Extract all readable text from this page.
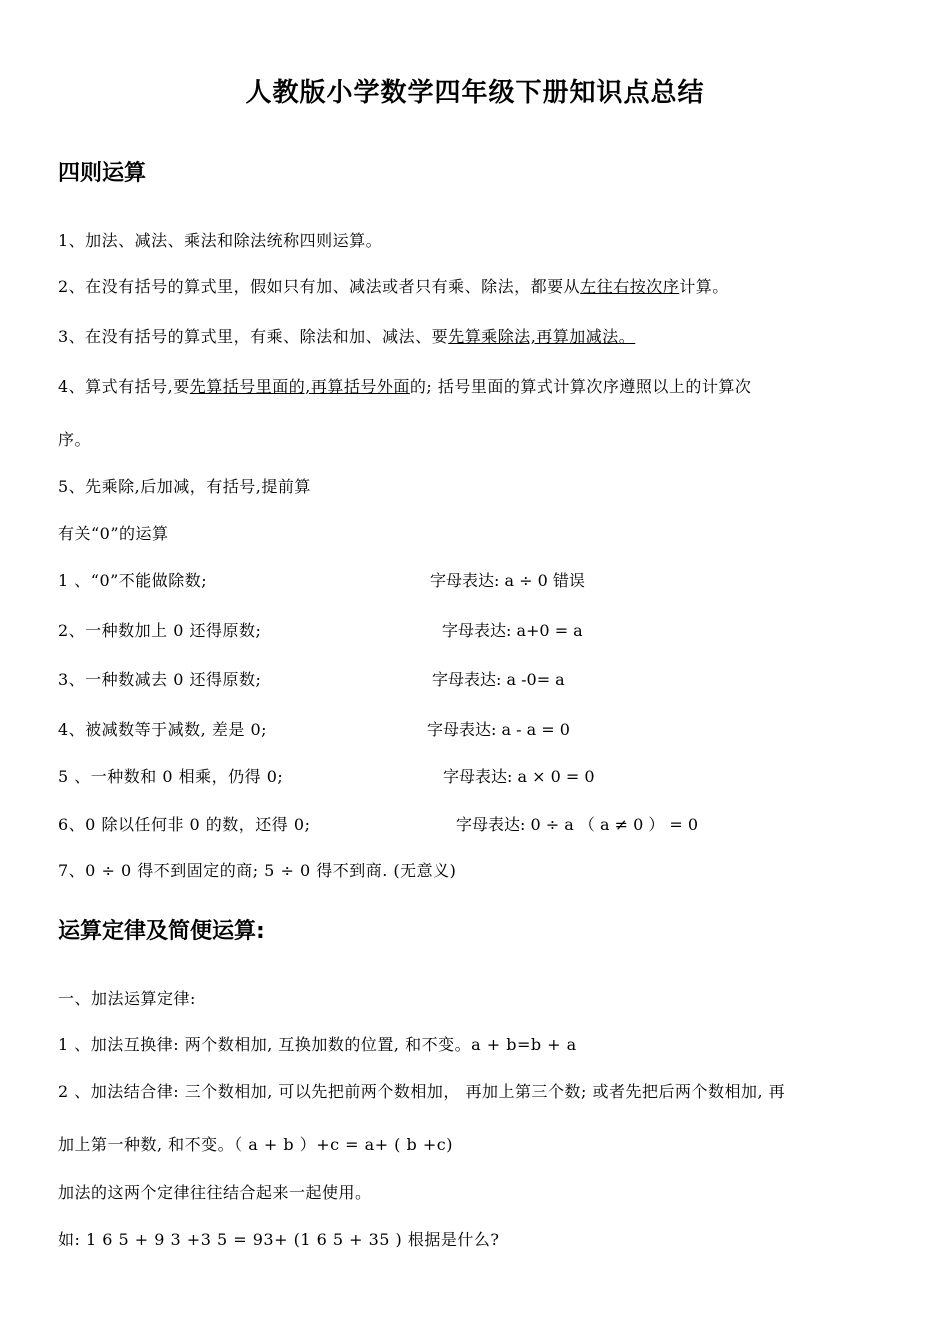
人教版小学数学四年级下册知识点总结
四则运算
1、加法、减法、乘法和除法统称四则运算。
2、在没有括号的算式里，假如只有加、减法或者只有乘、除法，都要从左往右按次序计算。
3、在没有括号的算式里，有乘、除法和加、减法、要先算乘除法,再算加减法。
4、算式有括号,要先算括号里面的,再算括号外面的; 括号里面的算式计算次序遵照以上的计算次
序。
5、先乘除,后加减，有括号,提前算
有关“0”的运算
1 、“0”不能做除数;	字母表达: a ÷ 0 错误
2、一种数加上 0 还得原数;	字母表达: a+0 = a
3、一种数减去 0 还得原数;	字母表达: a -0= a
4、被减数等于减数, 差是 0;	字母表达: a - a = 0
5 、一种数和 0 相乘，仍得 0;	字母表达: a × 0 = 0
6、0 除以任何非 0 的数，还得 0;	字母表达: 0 ÷ a （ a ≠ 0 ） = 0
7、0 ÷ 0 得不到固定的商; 5 ÷ 0 得不到商. (无意义)
运算定律及简便运算:
一、加法运算定律:
1 、加法互换律: 两个数相加, 互换加数的位置, 和不变。a + b=b + a
2 、加法结合律: 三个数相加, 可以先把前两个数相加， 再加上第三个数; 或者先把后两个数相加, 再
加上第一种数, 和不变。（ a + b ）+c = a+ ( b +c)
加法的这两个定律往往结合起来一起使用。
如: 1 6 5 + 9 3 +3 5 = 93+ (1 6 5 + 35 ) 根据是什么?
